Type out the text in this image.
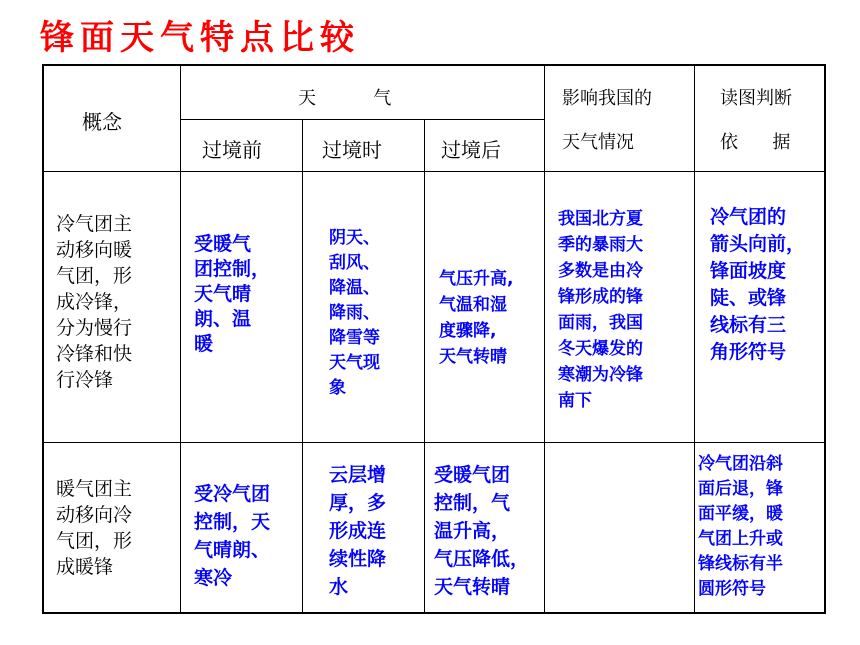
锋面天气特点比较
概念
天          气
过境前	过境时	过境后
影响我国的

天气情况
读图判断

依      据
冷气团主
动移向暖
气团，形
成冷锋，
分为慢行
冷锋和快
行冷锋
受暖气
团控制，
天气晴
朗、温
暖
阴天、
刮风、
降温、
降雨、
降雪等
天气现
象
气压升高,
气温和湿
度骤降,
天气转晴
我国北方夏
季的暴雨大
多数是由冷
锋形成的锋
面雨，我国
冬天爆发的
寒潮为冷锋
南下
冷气团的
箭头向前，
锋面坡度
陡、或锋
线标有三
角形符号
暖气团主
动移向冷
气团，形
成暖锋
受冷气团
控制，天
气晴朗、
寒冷
云层增
厚，多
形成连
续性降
水
受暖气团
控制，气
温升高，
气压降低，
天气转晴
冷气团沿斜
面后退，锋
面平缓，暖
气团上升或
锋线标有半
圆形符号
